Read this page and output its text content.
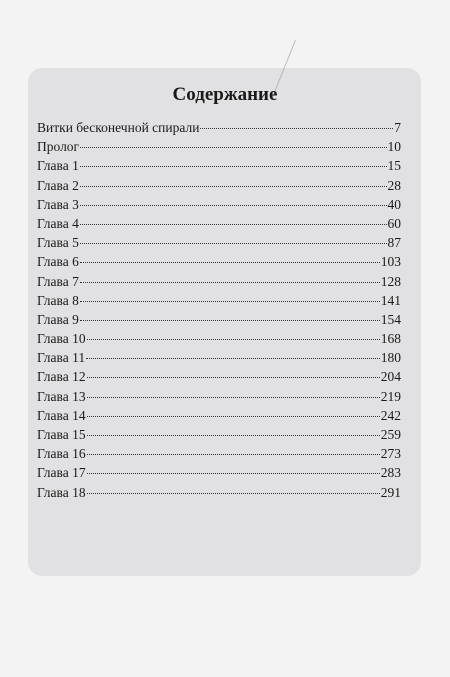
Содержание
Витки бесконечной спирали	7
Пролог	10
Глава 1	15
Глава 2	28
Глава 3	40
Глава 4	60
Глава 5	87
Глава 6	103
Глава 7	128
Глава 8	141
Глава 9	154
Глава 10	168
Глава 11	180
Глава 12	204
Глава 13	219
Глава 14	242
Глава 15	259
Глава 16	273
Глава 17	283
Глава 18	291
